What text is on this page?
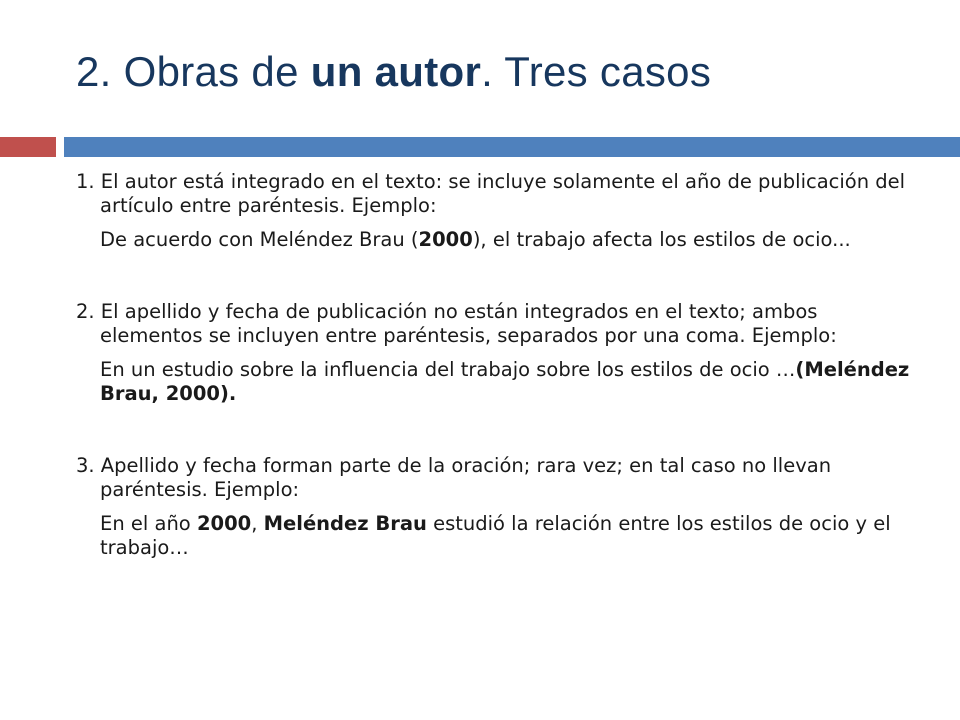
2. Obras de un autor. Tres casos

1. El autor está integrado en el texto: se incluye solamente el año de publicación del artículo entre paréntesis. Ejemplo:

De acuerdo con Meléndez Brau (2000), el trabajo afecta los estilos de ocio...

2. El apellido y fecha de publicación no están integrados en el texto; ambos elementos se incluyen entre paréntesis, separados por una coma. Ejemplo:

En un estudio sobre la influencia del trabajo sobre los estilos de ocio …(Meléndez Brau, 2000).

3. Apellido y fecha forman parte de la oración; rara vez; en tal caso no llevan paréntesis. Ejemplo:

En el año 2000, Meléndez Brau estudió la relación entre los estilos de ocio y el trabajo…
